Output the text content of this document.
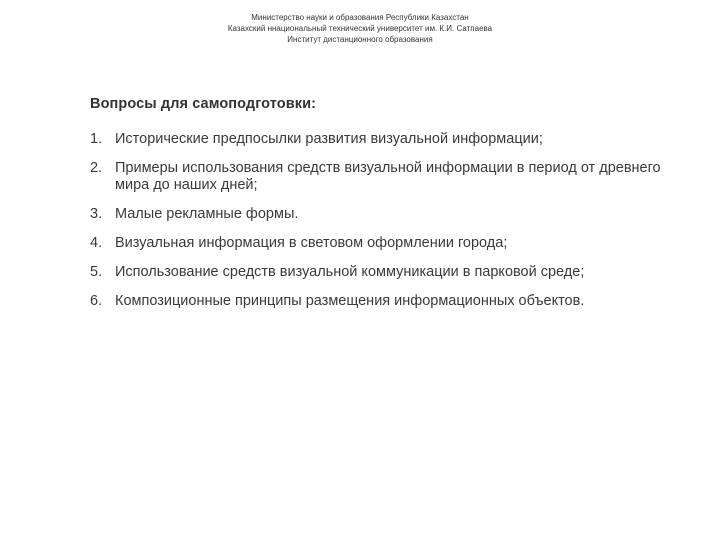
Министерство науки и образования Республики Казахстан
Казахский ннациональный технический университет им. К.И. Сатпаева
Институт дистанционного образования
Вопросы для самоподготовки:
1. Исторические предпосылки развития визуальной информации;
2. Примеры использования средств визуальной информации в период от древнего мира до наших дней;
3. Малые рекламные формы.
4. Визуальная информация в световом оформлении города;
5. Использование средств визуальной коммуникации в парковой среде;
6. Композиционные принципы размещения информационных объектов.
